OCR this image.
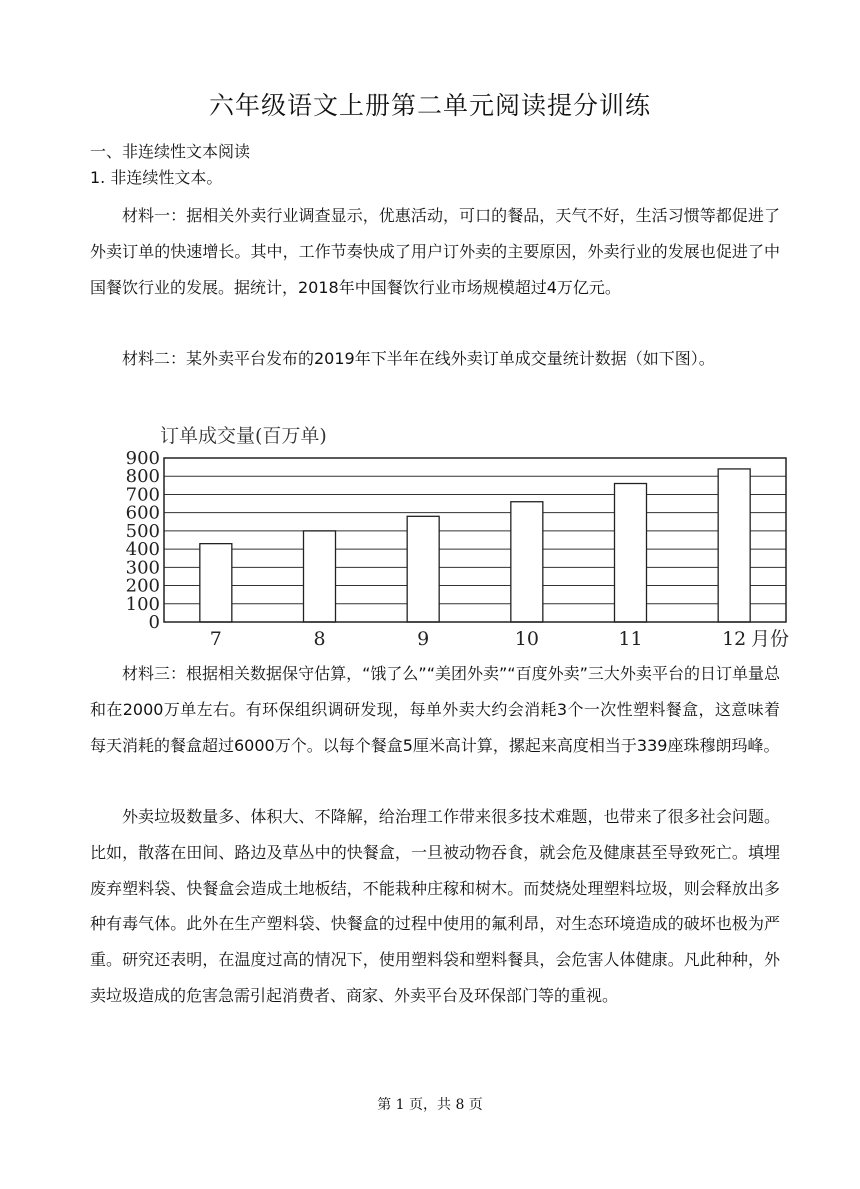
六年级语文上册第二单元阅读提分训练
一、非连续性文本阅读
1. 非连续性文本。

材料一：据相关外卖行业调查显示，优惠活动，可口的餐品，天气不好，生活习惯等都促进了外卖订单的快速增长。其中，工作节奏快成了用户订外卖的主要原因，外卖行业的发展也促进了中国餐饮行业的发展。据统计，2018年中国餐饮行业市场规模超过4万亿元。

材料二：某外卖平台发布的2019年下半年在线外卖订单成交量统计数据（如下图）。

订单成交量(百万单)
0
100
200
300
400
500
600
700
800
900
7	8	9	10	11	12 月份

材料三：根据相关数据保守估算，“饿了么”“美团外卖”“百度外卖”三大外卖平台的日订单量总和在2000万单左右。有环保组织调研发现，每单外卖大约会消耗3个一次性塑料餐盒，这意味着每天消耗的餐盒超过6000万个。以每个餐盒5厘米高计算，摞起来高度相当于339座珠穆朗玛峰。

外卖垃圾数量多、体积大、不降解，给治理工作带来很多技术难题，也带来了很多社会问题。比如，散落在田间、路边及草丛中的快餐盒，一旦被动物吞食，就会危及健康甚至导致死亡。填埋废弃塑料袋、快餐盒会造成土地板结，不能栽种庄稼和树木。而焚烧处理塑料垃圾，则会释放出多种有毒气体。此外在生产塑料袋、快餐盒的过程中使用的氟利昂，对生态环境造成的破坏也极为严重。研究还表明，在温度过高的情况下，使用塑料袋和塑料餐具，会危害人体健康。凡此种种，外卖垃圾造成的危害急需引起消费者、商家、外卖平台及环保部门等的重视。

第 1 页，共 8 页
